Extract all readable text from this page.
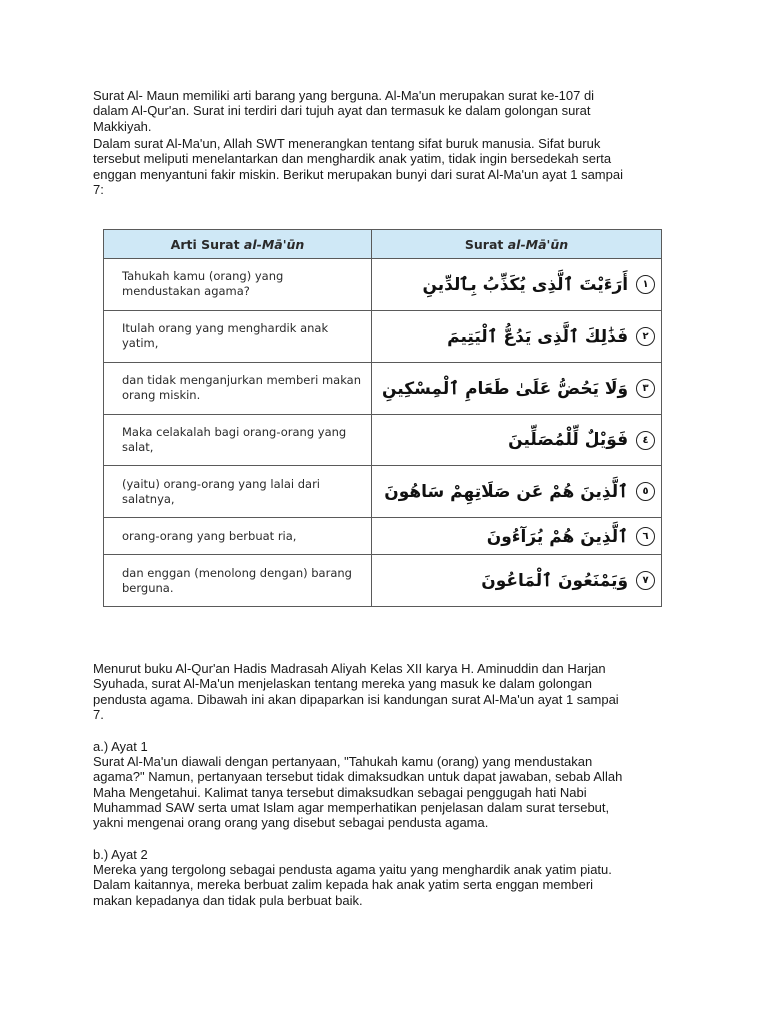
Surat Al- Maun memiliki arti barang yang berguna. Al-Ma'un merupakan surat ke-107 di
dalam Al-Qur'an. Surat ini terdiri dari tujuh ayat dan termasuk ke dalam golongan surat
Makkiyah.

Dalam surat Al-Ma'un, Allah SWT menerangkan tentang sifat buruk manusia. Sifat buruk
tersebut meliputi menelantarkan dan menghardik anak yatim, tidak ingin bersedekah serta
enggan menyantuni fakir miskin. Berikut merupakan bunyi dari surat Al-Ma'un ayat 1 sampai
7:

Arti Surat al-Mā'ūn	Surat al-Mā'ūn

Tahukah kamu (orang) yang
mendustakan agama?	أَرَءَيْتَ ٱلَّذِى يُكَذِّبُ بِٱلدِّينِ ١

Itulah orang yang menghardik anak
yatim,	فَذَٰلِكَ ٱلَّذِى يَدُعُّ ٱلْيَتِيمَ ٢

dan tidak menganjurkan memberi makan
orang miskin.	وَلَا يَحُضُّ عَلَىٰ طَعَامِ ٱلْمِسْكِينِ ٣

Maka celakalah bagi orang-orang yang
salat,	فَوَيْلٌ لِّلْمُصَلِّينَ ٤

(yaitu) orang-orang yang lalai dari
salatnya,	ٱلَّذِينَ هُمْ عَن صَلَاتِهِمْ سَاهُونَ ٥

orang-orang yang berbuat ria,	ٱلَّذِينَ هُمْ يُرَآءُونَ ٦

dan enggan (menolong dengan) barang
berguna.	وَيَمْنَعُونَ ٱلْمَاعُونَ ٧

Menurut buku Al-Qur'an Hadis Madrasah Aliyah Kelas XII karya H. Aminuddin dan Harjan
Syuhada, surat Al-Ma'un menjelaskan tentang mereka yang masuk ke dalam golongan
pendusta agama. Dibawah ini akan dipaparkan isi kandungan surat Al-Ma'un ayat 1 sampai
7.

a.) Ayat 1

Surat Al-Ma'un diawali dengan pertanyaan, "Tahukah kamu (orang) yang mendustakan
agama?" Namun, pertanyaan tersebut tidak dimaksudkan untuk dapat jawaban, sebab Allah
Maha Mengetahui. Kalimat tanya tersebut dimaksudkan sebagai penggugah hati Nabi
Muhammad SAW serta umat Islam agar memperhatikan penjelasan dalam surat tersebut,
yakni mengenai orang orang yang disebut sebagai pendusta agama.

b.) Ayat 2

Mereka yang tergolong sebagai pendusta agama yaitu yang menghardik anak yatim piatu.
Dalam kaitannya, mereka berbuat zalim kepada hak anak yatim serta enggan memberi
makan kepadanya dan tidak pula berbuat baik.
